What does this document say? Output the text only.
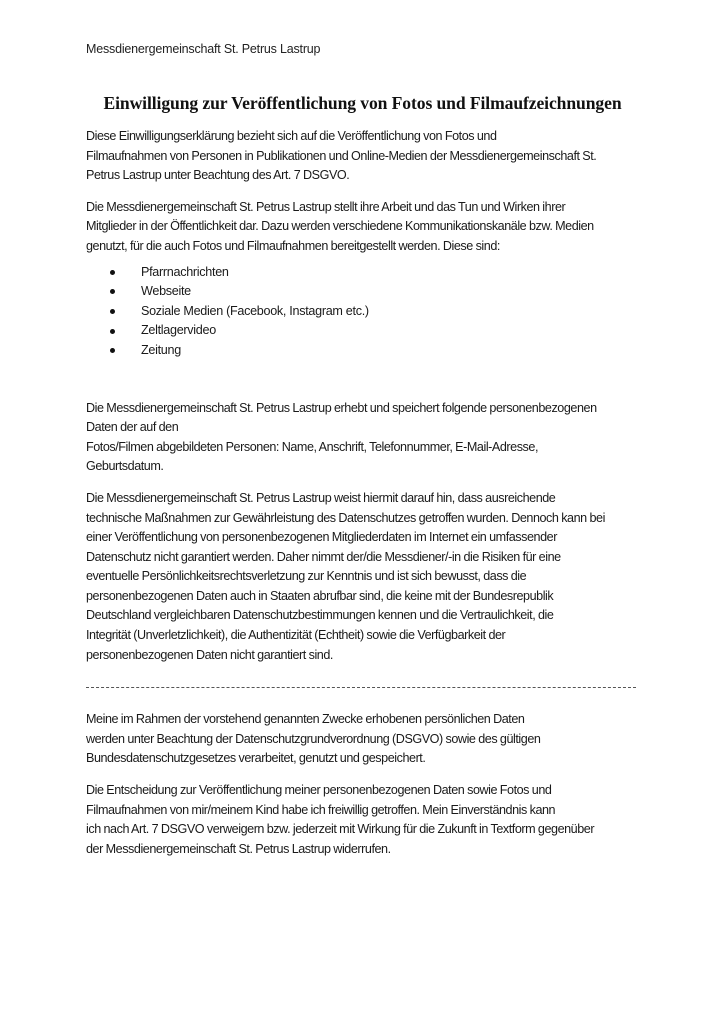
Messdienergemeinschaft St. Petrus Lastrup

Einwilligung zur Veröffentlichung von Fotos und Filmaufzeichnungen

Diese Einwilligungserklärung bezieht sich auf die Veröffentlichung von Fotos und
Filmaufnahmen von Personen in Publikationen und Online-Medien der Messdienergemeinschaft St.
Petrus Lastrup unter Beachtung des Art. 7 DSGVO.

Die Messdienergemeinschaft St. Petrus Lastrup stellt ihre Arbeit und das Tun und Wirken ihrer
Mitglieder in der Öffentlichkeit dar. Dazu werden verschiedene Kommunikationskanäle bzw. Medien
genutzt, für die auch Fotos und Filmaufnahmen bereitgestellt werden. Diese sind:

Pfarrnachrichten
Webseite
Soziale Medien (Facebook, Instagram etc.)
Zeltlagervideo
Zeitung

Die Messdienergemeinschaft St. Petrus Lastrup erhebt und speichert folgende personenbezogenen
Daten der auf den
Fotos/Filmen abgebildeten Personen: Name, Anschrift, Telefonnummer, E-Mail-Adresse,
Geburtsdatum.

Die Messdienergemeinschaft St. Petrus Lastrup weist hiermit darauf hin, dass ausreichende
technische Maßnahmen zur Gewährleistung des Datenschutzes getroffen wurden. Dennoch kann bei
einer Veröffentlichung von personenbezogenen Mitgliederdaten im Internet ein umfassender
Datenschutz nicht garantiert werden. Daher nimmt der/die Messdiener/-in die Risiken für eine
eventuelle Persönlichkeitsrechtsverletzung zur Kenntnis und ist sich bewusst, dass die
personenbezogenen Daten auch in Staaten abrufbar sind, die keine mit der Bundesrepublik
Deutschland vergleichbaren Datenschutzbestimmungen kennen und die Vertraulichkeit, die
Integrität (Unverletzlichkeit), die Authentizität (Echtheit) sowie die Verfügbarkeit der
personenbezogenen Daten nicht garantiert sind.

Meine im Rahmen der vorstehend genannten Zwecke erhobenen persönlichen Daten
werden unter Beachtung der Datenschutzgrundverordnung (DSGVO) sowie des gültigen
Bundesdatenschutzgesetzes verarbeitet, genutzt und gespeichert.

Die Entscheidung zur Veröffentlichung meiner personenbezogenen Daten sowie Fotos und
Filmaufnahmen von mir/meinem Kind habe ich freiwillig getroffen. Mein Einverständnis kann
ich nach Art. 7 DSGVO verweigern bzw. jederzeit mit Wirkung für die Zukunft in Textform gegenüber
der Messdienergemeinschaft St. Petrus Lastrup widerrufen.
